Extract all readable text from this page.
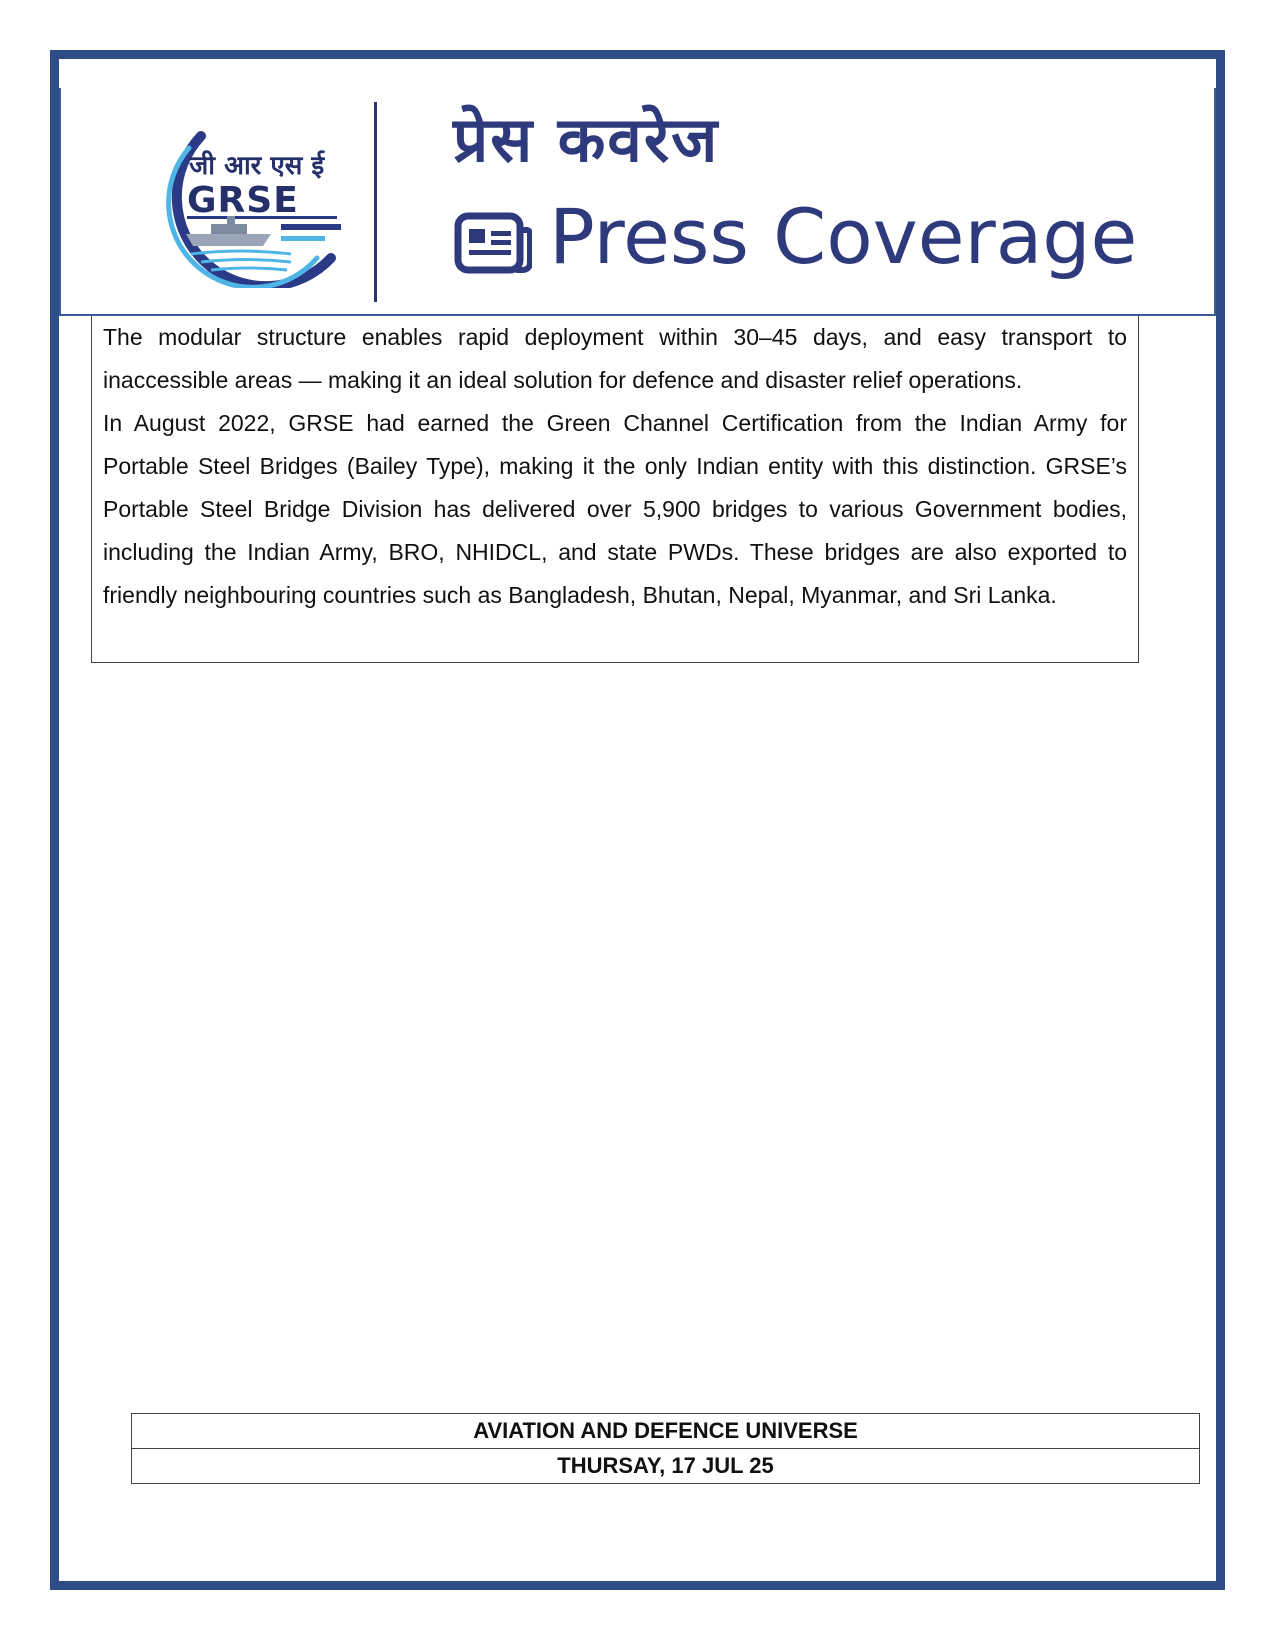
जी आर एस ई
GRSE
प्रेस कवरेज
Press Coverage

The modular structure enables rapid deployment within 30–45 days, and easy transport to inaccessible areas — making it an ideal solution for defence and disaster relief operations.

In August 2022, GRSE had earned the Green Channel Certification from the Indian Army for Portable Steel Bridges (Bailey Type), making it the only Indian entity with this distinction. GRSE’s Portable Steel Bridge Division has delivered over 5,900 bridges to various Government bodies, including the Indian Army, BRO, NHIDCL, and state PWDs. These bridges are also exported to friendly neighbouring countries such as Bangladesh, Bhutan, Nepal, Myanmar, and Sri Lanka.

AVIATION AND DEFENCE UNIVERSE
THURSAY, 17 JUL 25
